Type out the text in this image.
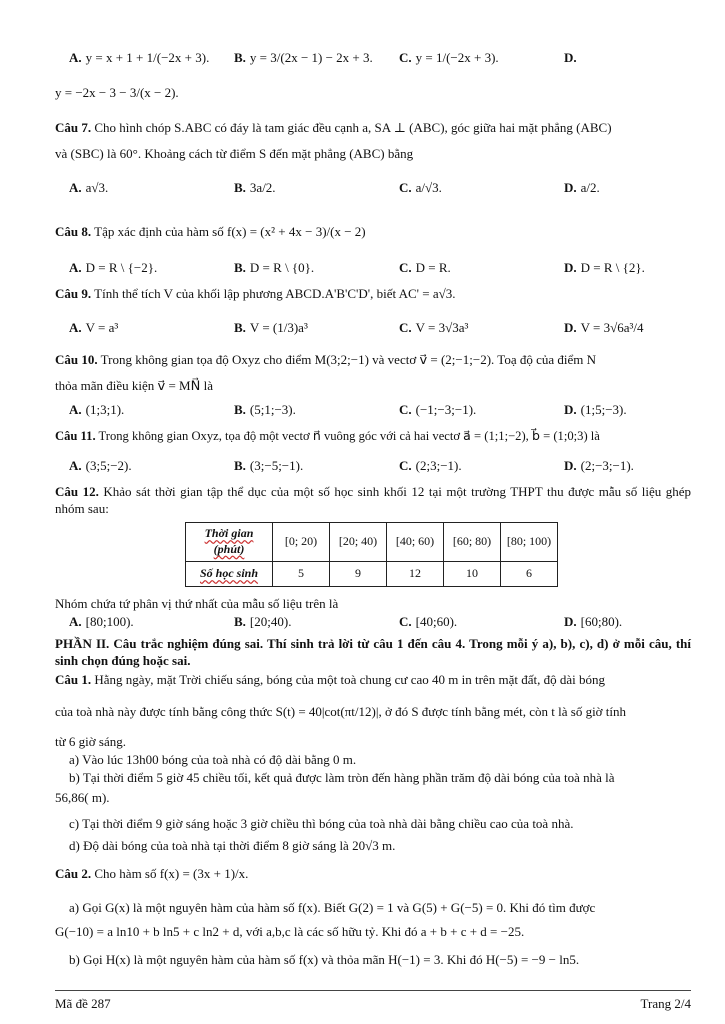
A. y = x + 1 + 1/(−2x + 3). B. y = 3/(2x − 1) − 2x + 3. C. y = 1/(−2x + 3).	D.
y = −2x − 3 − 3/(x − 2).
Câu 7. Cho hình chóp S.ABC có đáy là tam giác đều cạnh a, SA ⊥ (ABC), góc giữa hai mặt phẳng (ABC)
và (SBC) là 60°. Khoảng cách từ điểm S đến mặt phẳng (ABC) bằng
A. a√3.	B. 3a/2.	C. a/√3.	D. a/2.
Câu 8. Tập xác định của hàm số f(x) = (x² + 4x − 3)/(x − 2)
A. D = R \ {−2}.	B. D = R \ {0}.	C. D = R.	D. D = R \ {2}.
Câu 9. Tính thể tích V của khối lập phương ABCD.A'B'C'D', biết AC' = a√3.
A. V = a³	B. V = (1/3)a³	C. V = 3√3a³	D. V = 3√6a³/4
Câu 10. Trong không gian tọa độ Oxyz cho điểm M(3;2;−1) và vectơ v⃗ = (2;−1;−2). Toạ độ của điểm N
thỏa mãn điều kiện v⃗ = MN⃗ là
A. (1;3;1).	B. (5;1;−3).	C. (−1;−3;−1).	D. (1;5;−3).
Câu 11. Trong không gian Oxyz, tọa độ một vectơ n⃗ vuông góc với cả hai vectơ a⃗ = (1;1;−2), b⃗ = (1;0;3) là
A. (3;5;−2).	B. (3;−5;−1).	C. (2;3;−1).	D. (2;−3;−1).
Câu 12. Khảo sát thời gian tập thể dục của một số học sinh khối 12 tại một trường THPT thu được mẫu số liệu ghép nhóm sau:
Thời gian
(phút)	[0; 20)	[20; 40)	[40; 60)	[60; 80)	[80; 100)
Số học sinh	5	9	12	10	6
Nhóm chứa tứ phân vị thứ nhất của mẫu số liệu trên là
A. [80;100).	B. [20;40).	C. [40;60).	D. [60;80).
PHẦN II. Câu trắc nghiệm đúng sai. Thí sinh trả lời từ câu 1 đến câu 4. Trong mỗi ý a), b), c), d) ở mỗi câu, thí sinh chọn đúng hoặc sai.
Câu 1. Hằng ngày, mặt Trời chiếu sáng, bóng của một toà chung cư cao 40 m in trên mặt đất, độ dài bóng
của toà nhà này được tính bằng công thức S(t) = 40|cot(πt/12)|, ở đó S được tính bằng mét, còn t là số giờ tính
từ 6 giờ sáng.
a) Vào lúc 13h00 bóng của toà nhà có độ dài bằng 0 m.
b) Tại thời điểm 5 giờ 45 chiều tối, kết quả được làm tròn đến hàng phần trăm độ dài bóng của toà nhà là
56,86( m).
c) Tại thời điểm 9 giờ sáng hoặc 3 giờ chiều thì bóng của toà nhà dài bằng chiều cao của toà nhà.
d) Độ dài bóng của toà nhà tại thời điểm 8 giờ sáng là 20√3 m.
Câu 2. Cho hàm số f(x) = (3x + 1)/x.
a) Gọi G(x) là một nguyên hàm của hàm số f(x). Biết G(2) = 1 và G(5) + G(−5) = 0. Khi đó tìm được
G(−10) = a ln10 + b ln5 + c ln2 + d, với a,b,c là các số hữu tỷ. Khi đó a + b + c + d = −25.
b) Gọi H(x) là một nguyên hàm của hàm số f(x) và thỏa mãn H(−1) = 3. Khi đó H(−5) = −9 − ln5.
Mã đề 287	Trang 2/4
